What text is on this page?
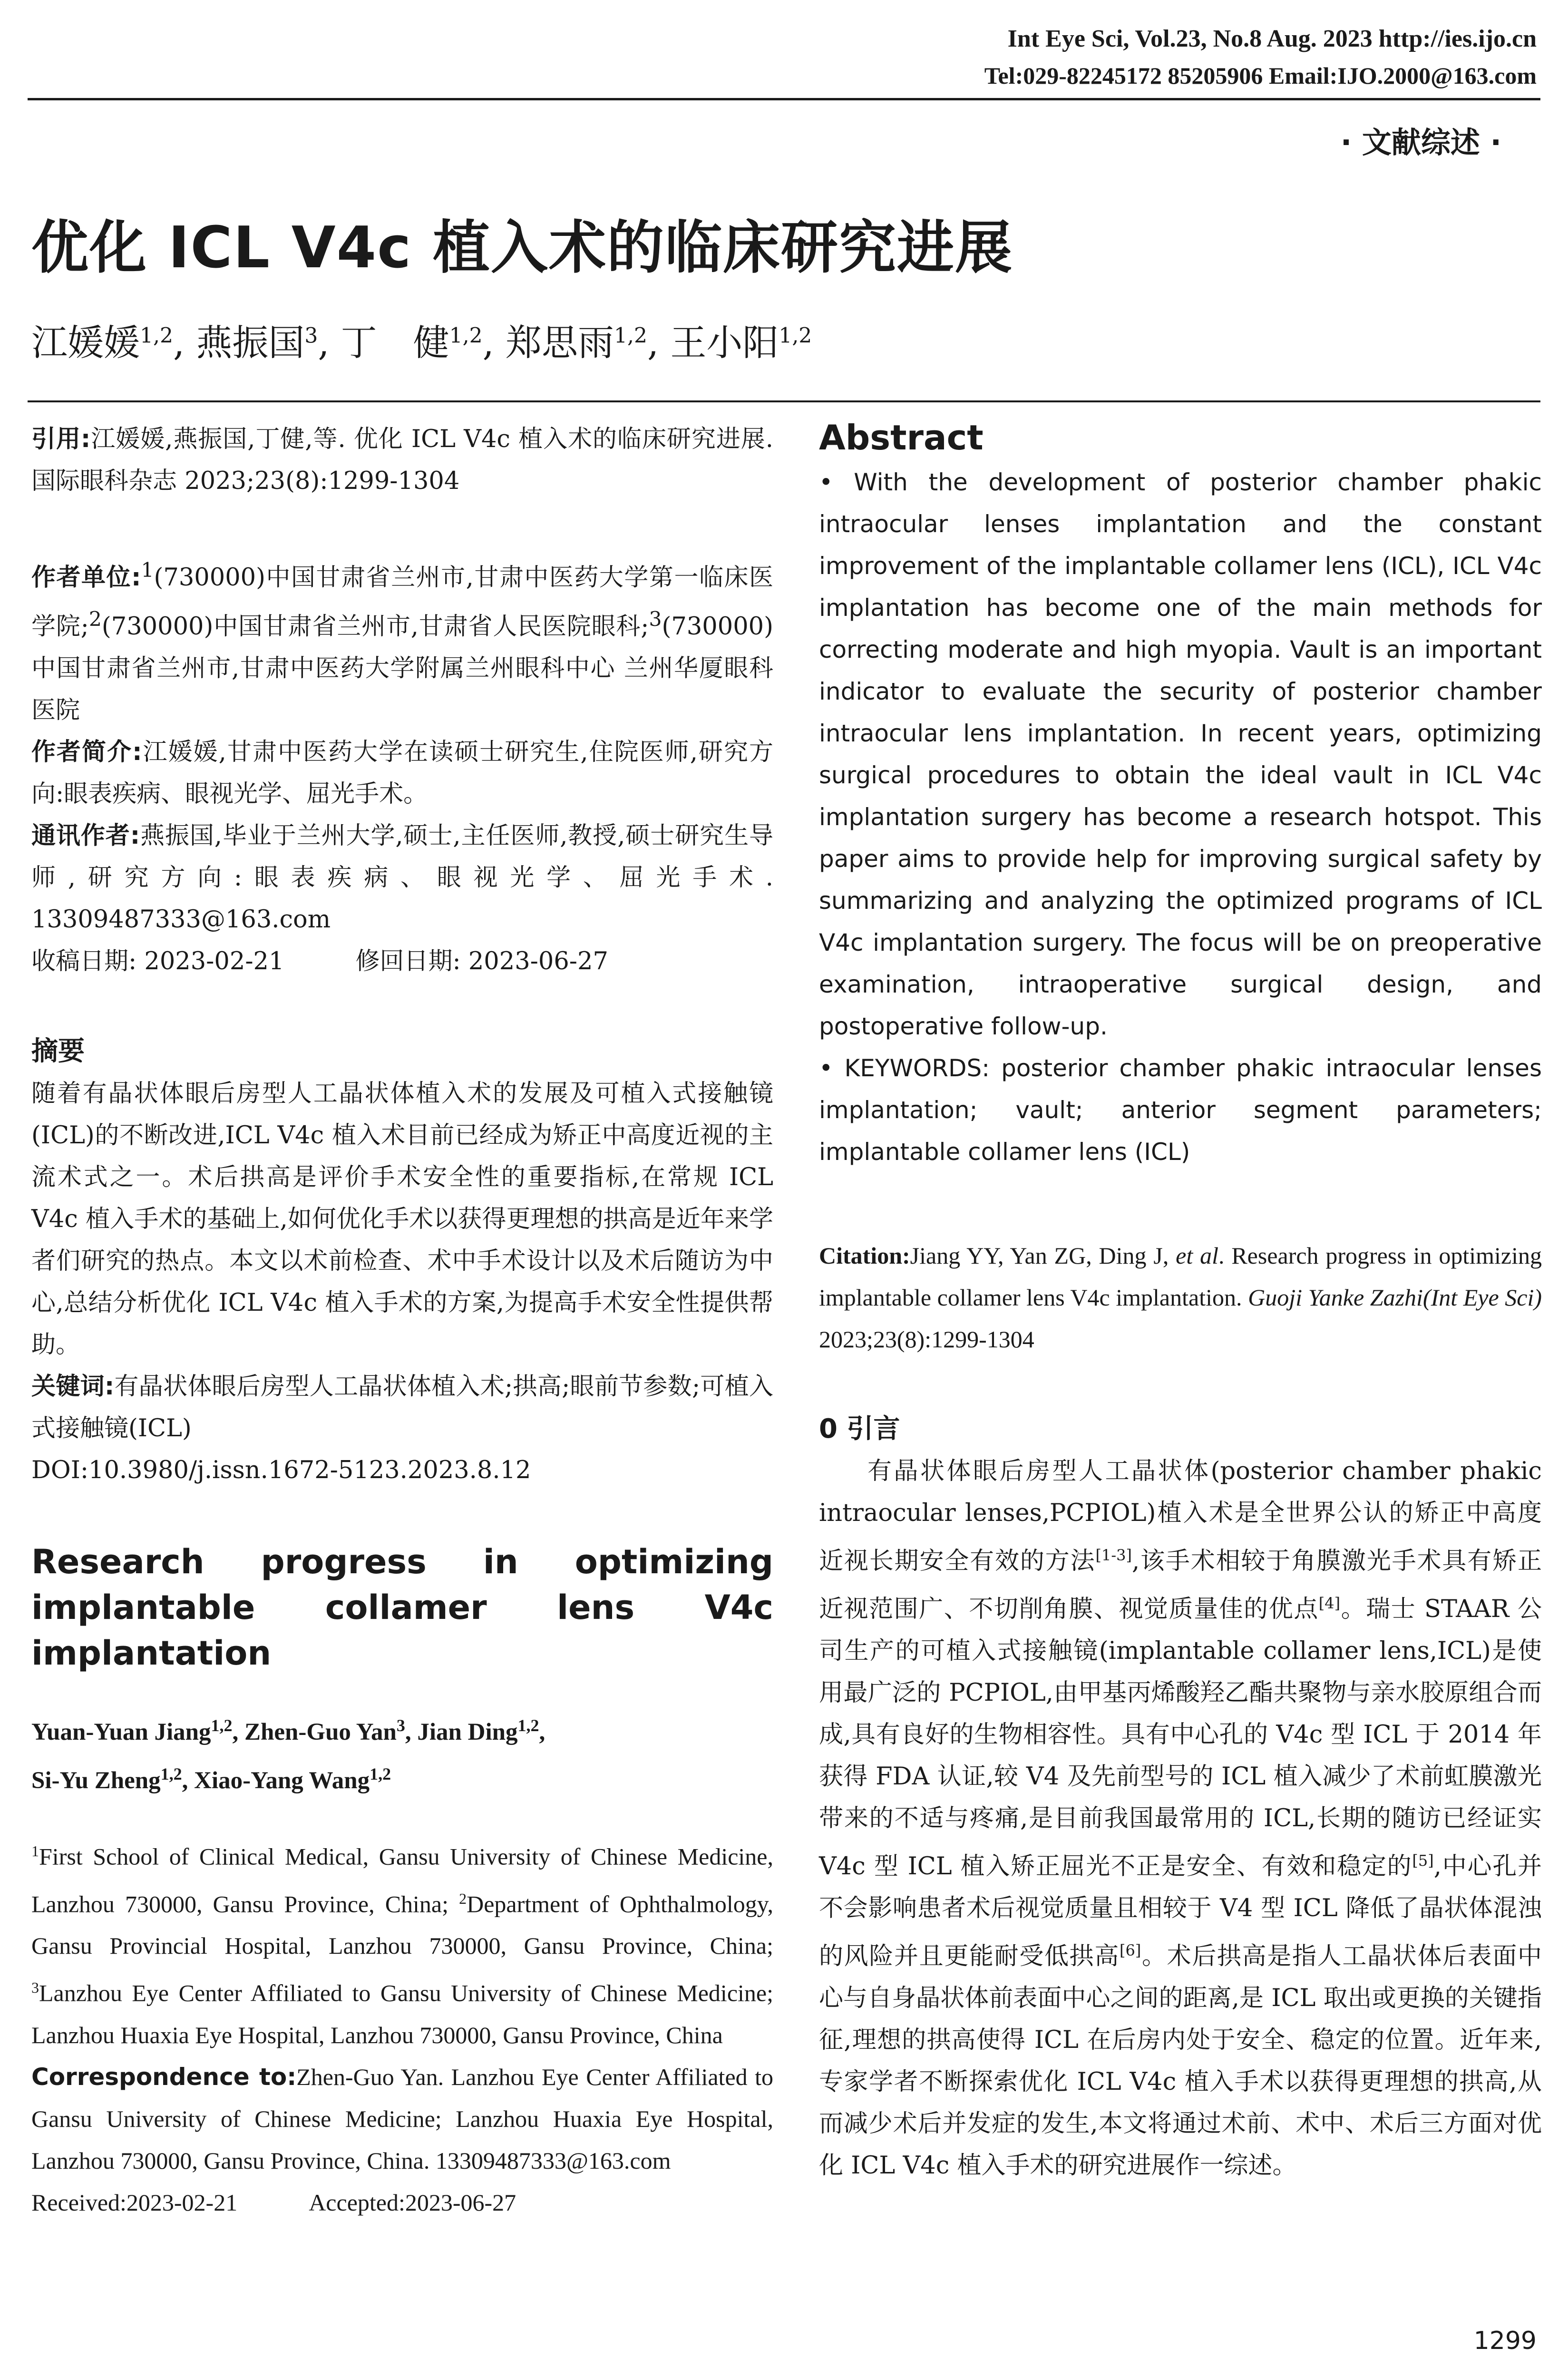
Int Eye Sci, Vol.23, No.8 Aug. 2023 http://ies.ijo.cn
Tel:029-82245172 85205906 Email:IJO.2000@163.com
· 文献综述 ·
优化 ICL V4c 植入术的临床研究进展
江媛媛$^{1,2}$, 燕振国$^3$, 丁　健$^{1,2}$, 郑思雨$^{1,2}$, 王小阳$^{1,2}$

引用:江媛媛,燕振国,丁健,等. 优化 ICL V4c 植入术的临床研究进展. 国际眼科杂志 2023;23(8):1299-1304

作者单位:$^1$(730000)中国甘肃省兰州市,甘肃中医药大学第一临床医学院;$^2$(730000)中国甘肃省兰州市,甘肃省人民医院眼科;$^3$(730000)中国甘肃省兰州市,甘肃中医药大学附属兰州眼科中心 兰州华厦眼科医院

作者简介:江媛媛,甘肃中医药大学在读硕士研究生,住院医师,研究方向:眼表疾病、眼视光学、屈光手术。

通讯作者:燕振国,毕业于兰州大学,硕士,主任医师,教授,硕士研究生导师,研究方向:眼表疾病、眼视光学、屈光手术. 13309487333@163.com

收稿日期: 2023-02-21	修回日期: 2023-06-27

摘要

随着有晶状体眼后房型人工晶状体植入术的发展及可植入式接触镜(ICL)的不断改进,ICL V4c 植入术目前已经成为矫正中高度近视的主流术式之一。术后拱高是评价手术安全性的重要指标,在常规 ICL V4c 植入手术的基础上,如何优化手术以获得更理想的拱高是近年来学者们研究的热点。本文以术前检查、术中手术设计以及术后随访为中心,总结分析优化 ICL V4c 植入手术的方案,为提高手术安全性提供帮助。

关键词:有晶状体眼后房型人工晶状体植入术;拱高;眼前节参数;可植入式接触镜(ICL)

DOI:10.3980/j.issn.1672-5123.2023.8.12

Research progress in optimizing implantable collamer lens V4c implantation

Yuan-Yuan Jiang$^{1,2}$, Zhen-Guo Yan$^3$, Jian Ding$^{1,2}$,
Si-Yu Zheng$^{1,2}$, Xiao-Yang Wang$^{1,2}$

$^1$First School of Clinical Medical, Gansu University of Chinese Medicine, Lanzhou 730000, Gansu Province, China; $^2$Department of Ophthalmology, Gansu Provincial Hospital, Lanzhou 730000, Gansu Province, China; $^3$Lanzhou Eye Center Affiliated to Gansu University of Chinese Medicine; Lanzhou Huaxia Eye Hospital, Lanzhou 730000, Gansu Province, China

Correspondence to:Zhen-Guo Yan. Lanzhou Eye Center Affiliated to Gansu University of Chinese Medicine; Lanzhou Huaxia Eye Hospital, Lanzhou 730000, Gansu Province, China. 13309487333@163.com

Received:2023-02-21	Accepted:2023-06-27

Abstract

• With the development of posterior chamber phakic intraocular lenses implantation and the constant improvement of the implantable collamer lens (ICL), ICL V4c implantation has become one of the main methods for correcting moderate and high myopia. Vault is an important indicator to evaluate the security of posterior chamber intraocular lens implantation. In recent years, optimizing surgical procedures to obtain the ideal vault in ICL V4c implantation surgery has become a research hotspot. This paper aims to provide help for improving surgical safety by summarizing and analyzing the optimized programs of ICL V4c implantation surgery. The focus will be on preoperative examination, intraoperative surgical design, and postoperative follow-up.

• KEYWORDS: posterior chamber phakic intraocular lenses implantation; vault; anterior segment parameters; implantable collamer lens (ICL)

Citation:Jiang YY, Yan ZG, Ding J, et al. Research progress in optimizing implantable collamer lens V4c implantation. Guoji Yanke Zazhi(Int Eye Sci) 2023;23(8):1299-1304

0 引言

有晶状体眼后房型人工晶状体(posterior chamber phakic intraocular lenses,PCPIOL)植入术是全世界公认的矫正中高度近视长期安全有效的方法[1-3],该手术相较于角膜激光手术具有矫正近视范围广、不切削角膜、视觉质量佳的优点[4]。瑞士 STAAR 公司生产的可植入式接触镜(implantable collamer lens,ICL)是使用最广泛的 PCPIOL,由甲基丙烯酸羟乙酯共聚物与亲水胶原组合而成,具有良好的生物相容性。具有中心孔的 V4c 型 ICL 于 2014 年获得 FDA 认证,较 V4 及先前型号的 ICL 植入减少了术前虹膜激光带来的不适与疼痛,是目前我国最常用的 ICL,长期的随访已经证实 V4c 型 ICL 植入矫正屈光不正是安全、有效和稳定的[5],中心孔并不会影响患者术后视觉质量且相较于 V4 型 ICL 降低了晶状体混浊的风险并且更能耐受低拱高[6]。术后拱高是指人工晶状体后表面中心与自身晶状体前表面中心之间的距离,是 ICL 取出或更换的关键指征,理想的拱高使得 ICL 在后房内处于安全、稳定的位置。近年来,专家学者不断探索优化 ICL V4c 植入手术以获得更理想的拱高,从而减少术后并发症的发生,本文将通过术前、术中、术后三方面对优化 ICL V4c 植入手术的研究进展作一综述。

1299
